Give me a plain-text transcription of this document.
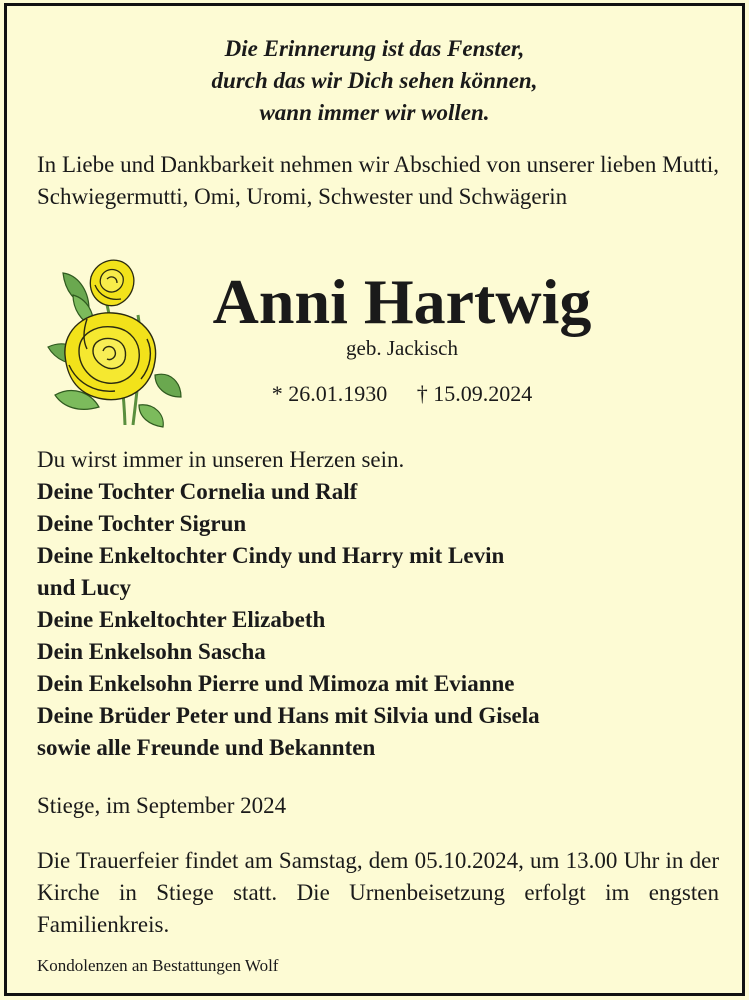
Die Erinnerung ist das Fenster,
durch das wir Dich sehen können,
wann immer wir wollen.
In Liebe und Dankbarkeit nehmen wir Abschied von unserer lieben Mutti, Schwiegermutti, Omi, Uromi, Schwester und Schwägerin
Anni Hartwig
geb. Jackisch
* 26.01.1930 † 15.09.2024
Du wirst immer in unseren Herzen sein.
Deine Tochter Cornelia und Ralf
Deine Tochter Sigrun
Deine Enkeltochter Cindy und Harry mit Levin
und Lucy
Deine Enkeltochter Elizabeth
Dein Enkelsohn Sascha
Dein Enkelsohn Pierre und Mimoza mit Evianne
Deine Brüder Peter und Hans mit Silvia und Gisela
sowie alle Freunde und Bekannten
Stiege, im September 2024
Die Trauerfeier findet am Samstag, dem 05.10.2024, um 13.00 Uhr in der Kirche in Stiege statt. Die Urnenbeisetzung erfolgt im engsten Familienkreis.
Kondolenzen an Bestattungen Wolf
